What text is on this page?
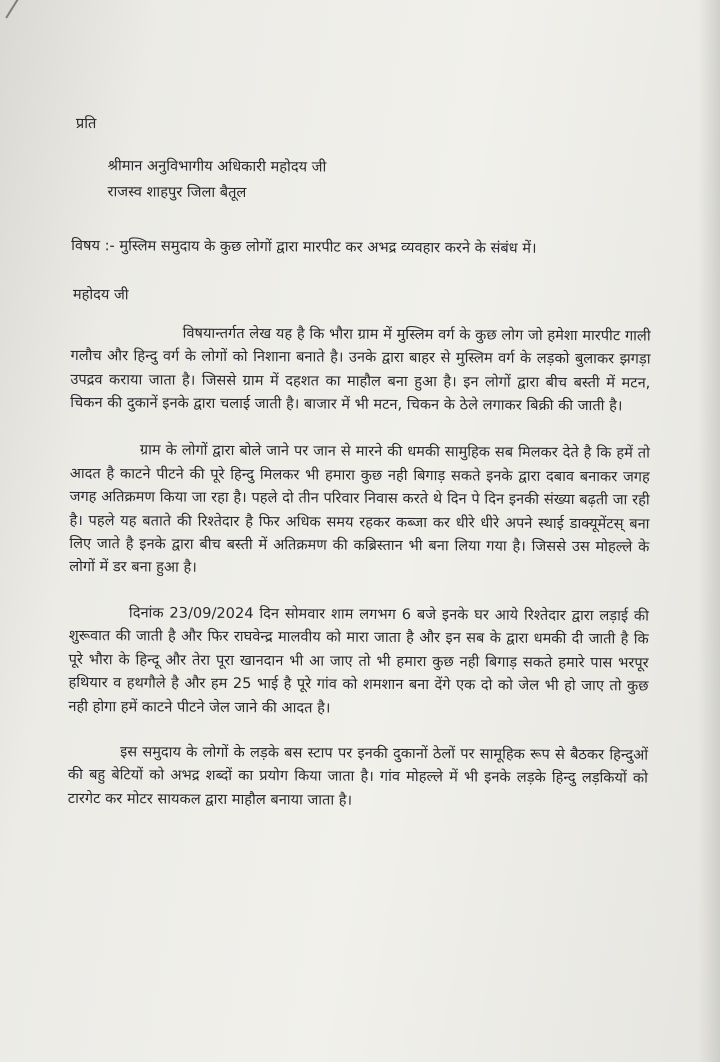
प्रति
श्रीमान अनुविभागीय अधिकारी महोदय जी
राजस्व शाहपुर जिला बैतूल
विषय :- मुस्लिम समुदाय के कुछ लोगों द्वारा मारपीट कर अभद्र व्यवहार करने के संबंध में।
महोदय जी

विषयान्तर्गत लेख यह है कि भौरा ग्राम में मुस्लिम वर्ग के कुछ लोग जो हमेशा मारपीट गाली गलौच और हिन्दु वर्ग के लोगों को निशाना बनाते है। उनके द्वारा बाहर से मुस्लिम वर्ग के लड़को बुलाकर झगड़ा उपद्रव कराया जाता है। जिससे ग्राम में दहशत का माहौल बना हुआ है। इन लोगों द्वारा बीच बस्ती में मटन, चिकन की दुकानें इनके द्वारा चलाई जाती है। बाजार में भी मटन, चिकन के ठेले लगाकर बिक्री की जाती है।

ग्राम के लोगों द्वारा बोले जाने पर जान से मारने की धमकी सामुहिक सब मिलकर देते है कि हमें तो आदत है काटने पीटने की पूरे हिन्दु मिलकर भी हमारा कुछ नही बिगाड़ सकते इनके द्वारा दबाव बनाकर जगह जगह अतिक्रमण किया जा रहा है। पहले दो तीन परिवार निवास करते थे दिन पे दिन इनकी संख्या बढ़ती जा रही है। पहले यह बताते की रिश्तेदार है फिर अधिक समय रहकर कब्जा कर धीरे धीरे अपने स्थाई डाक्यूमेंटस् बना लिए जाते है इनके द्वारा बीच बस्ती में अतिक्रमण की कब्रिस्तान भी बना लिया गया है। जिससे उस मोहल्ले के लोगों में डर बना हुआ है।

दिनांक 23/09/2024 दिन सोमवार शाम लगभग 6 बजे इनके घर आये रिश्तेदार द्वारा लड़ाई की शुरूवात की जाती है और फिर राघवेन्द्र मालवीय को मारा जाता है और इन सब के द्वारा धमकी दी जाती है कि पूरे भौरा के हिन्दू और तेरा पूरा खानदान भी आ जाए तो भी हमारा कुछ नही बिगाड़ सकते हमारे पास भरपूर हथियार व हथगौले है और हम 25 भाई है पूरे गांव को शमशान बना देंगे एक दो को जेल भी हो जाए तो कुछ नही होगा हमें काटने पीटने जेल जाने की आदत है।

इस समुदाय के लोगों के लड़के बस स्टाप पर इनकी दुकानों ठेलों पर सामूहिक रूप से बैठकर हिन्दुओं की बहु बेटियों को अभद्र शब्दों का प्रयोग किया जाता है। गांव मोहल्ले में भी इनके लड़के हिन्दु लड़कियों को टारगेट कर मोटर सायकल द्वारा माहौल बनाया जाता है।
